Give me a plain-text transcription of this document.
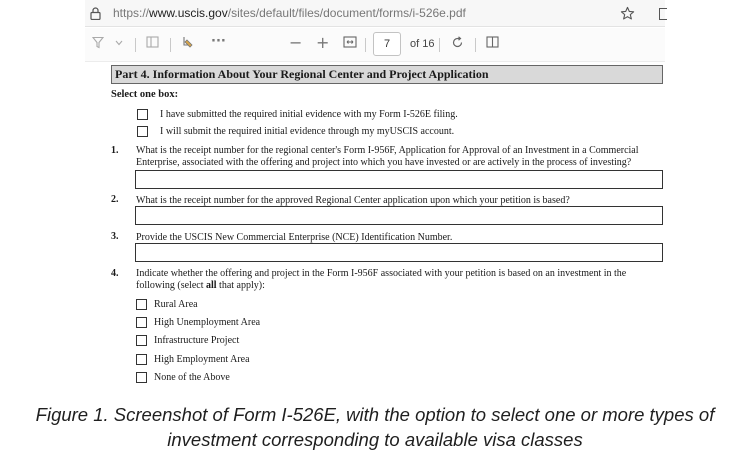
https://www.uscis.gov/sites/default/files/document/forms/i-526e.pdf
···	− +	7	of 16
Part 4. Information About Your Regional Center and Project Application
Select one box:
I have submitted the required initial evidence with my Form I-526E filing.
I will submit the required initial evidence through my myUSCIS account.
1. What is the receipt number for the regional center's Form I-956F, Application for Approval of an Investment in a Commercial
Enterprise, associated with the offering and project into which you have invested or are actively in the process of investing?
2. What is the receipt number for the approved Regional Center application upon which your petition is based?
3. Provide the USCIS New Commercial Enterprise (NCE) Identification Number.
4. Indicate whether the offering and project in the Form I-956F associated with your petition is based on an investment in the
following (select all that apply):
Rural Area
High Unemployment Area
Infrastructure Project
High Employment Area
None of the Above
Figure 1. Screenshot of Form I-526E, with the option to select one or more types of
investment corresponding to available visa classes
